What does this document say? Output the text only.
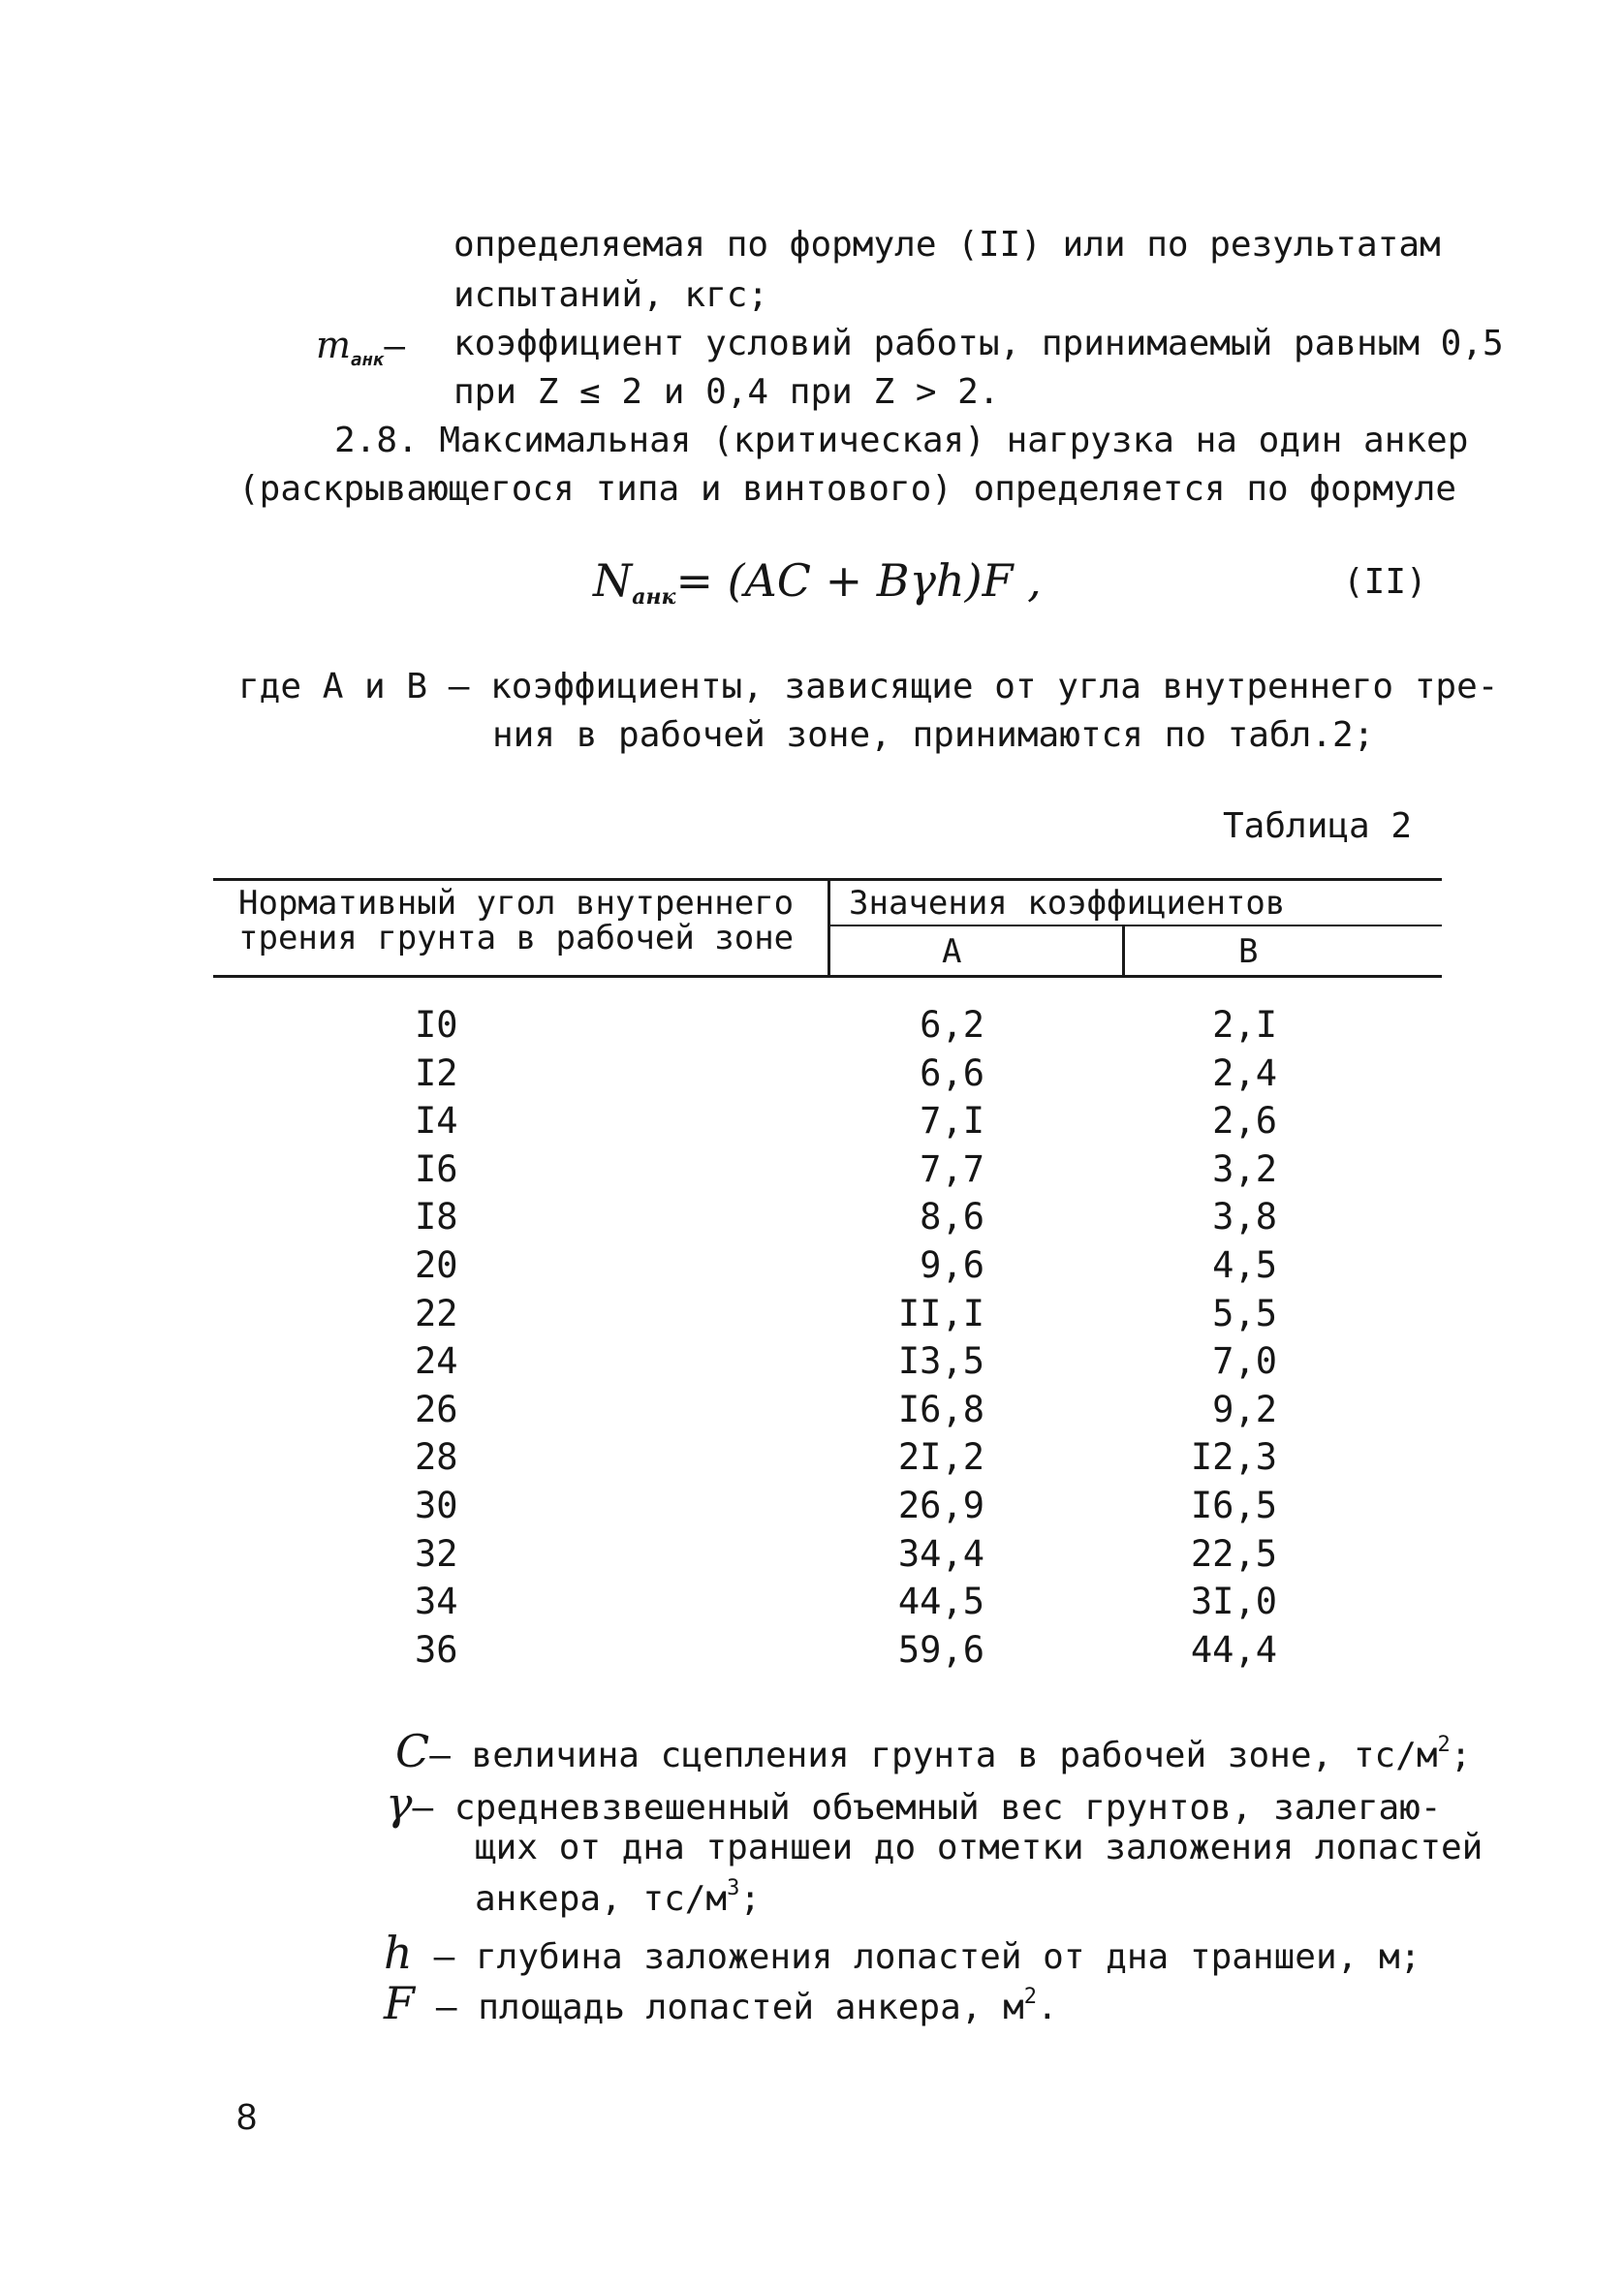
определяемая по формуле (II) или по результатам
испытаний, кгс;
$m_{анк}-$ коэффициент условий работы, принимаемый равным 0,5
при Z ≤ 2 и 0,4 при Z > 2.
2.8. Максимальная (критическая) нагрузка на один анкер
(раскрывающегося типа и винтового) определяется по формуле
$N_{анк}= (AC + B\gamma h)F$ ,	(II)
где А и В – коэффициенты, зависящие от угла внутреннего тре-
ния в рабочей зоне, принимаются по табл.2;
Таблица 2
Нормативный угол внутреннего
трения грунта в рабочей зоне
Значения коэффициентов
А	В
I0	6,2	2,I
I2	6,6	2,4
I4	7,I	2,6
I6	7,7	3,2
I8	8,6	3,8
20	9,6	4,5
22	II,I	5,5
24	I3,5	7,0
26	I6,8	9,2
28	2I,2	I2,3
30	26,9	I6,5
32	34,4	22,5
34	44,5	3I,0
36	59,6	44,4
C– величина сцепления грунта в рабочей зоне, $тс/м^2$;
γ– средневзвешенный объемный вес грунтов, залегаю-
щих от дна траншеи до отметки заложения лопастей
анкера, $тс/м^3$;
h – глубина заложения лопастей от дна траншеи, м;
F – площадь лопастей анкера, $м^2$.
8
